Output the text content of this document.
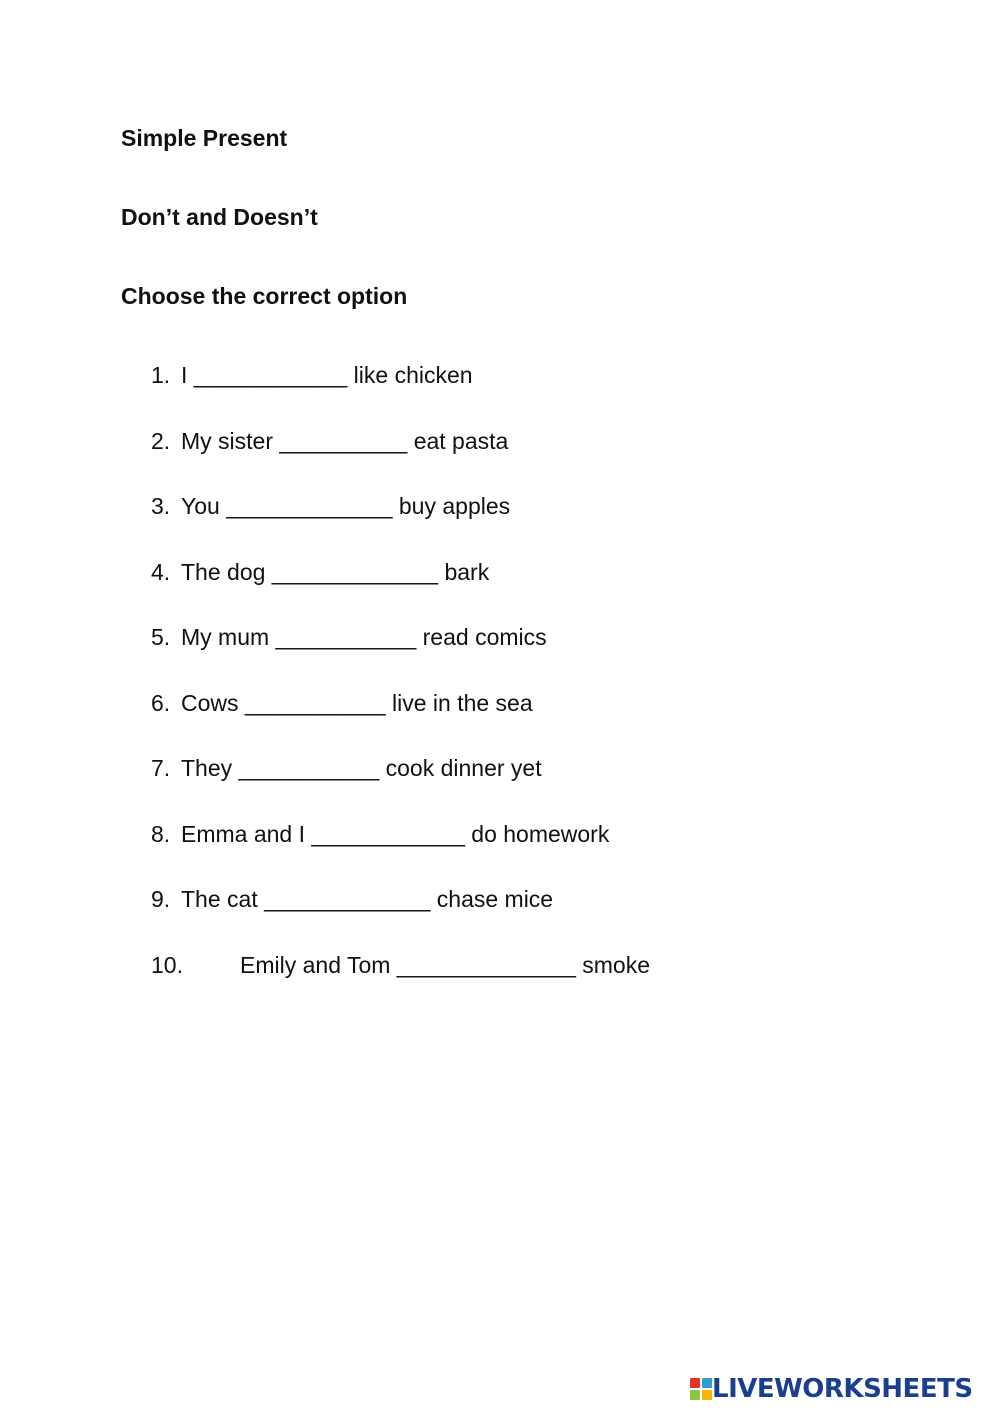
Simple Present
Don’t and Doesn’t
Choose the correct option
1. I ____________ like chicken
2. My sister __________ eat pasta
3. You _____________ buy apples
4. The dog _____________ bark
5. My mum ___________ read comics
6. Cows ___________ live in the sea
7. They ___________ cook dinner yet
8. Emma and I ____________ do homework
9. The cat _____________ chase mice
10. Emily and Tom ______________ smoke
LIVEWORKSHEETS
